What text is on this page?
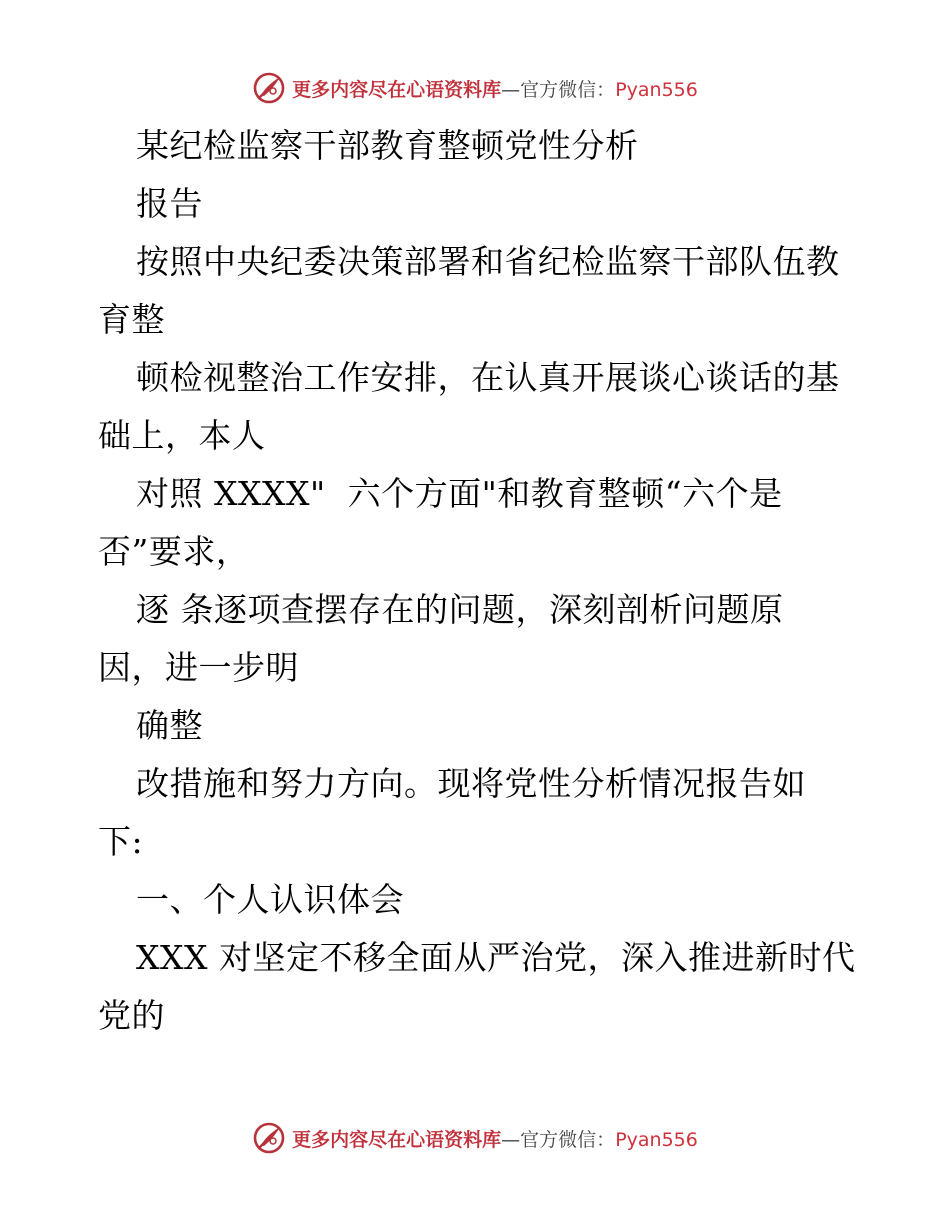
更多内容尽在心语资料库—官方微信：Pyan556
某纪检监察干部教育整顿党性分析
报告
按照中央纪委决策部署和省纪检监察干部队伍教
育整
顿检视整治工作安排，在认真开展谈心谈话的基
础上，本人
对照 XXXX"  六个方面"和教育整顿“六个是
否”要求，
逐 条逐项查摆存在的问题，深刻剖析问题原
因，进一步明
确整
改措施和努力方向。现将党性分析情况报告如
下:
一、个人认识体会
XXX 对坚定不移全面从严治党，深入推进新时代
党的
更多内容尽在心语资料库—官方微信：Pyan556
